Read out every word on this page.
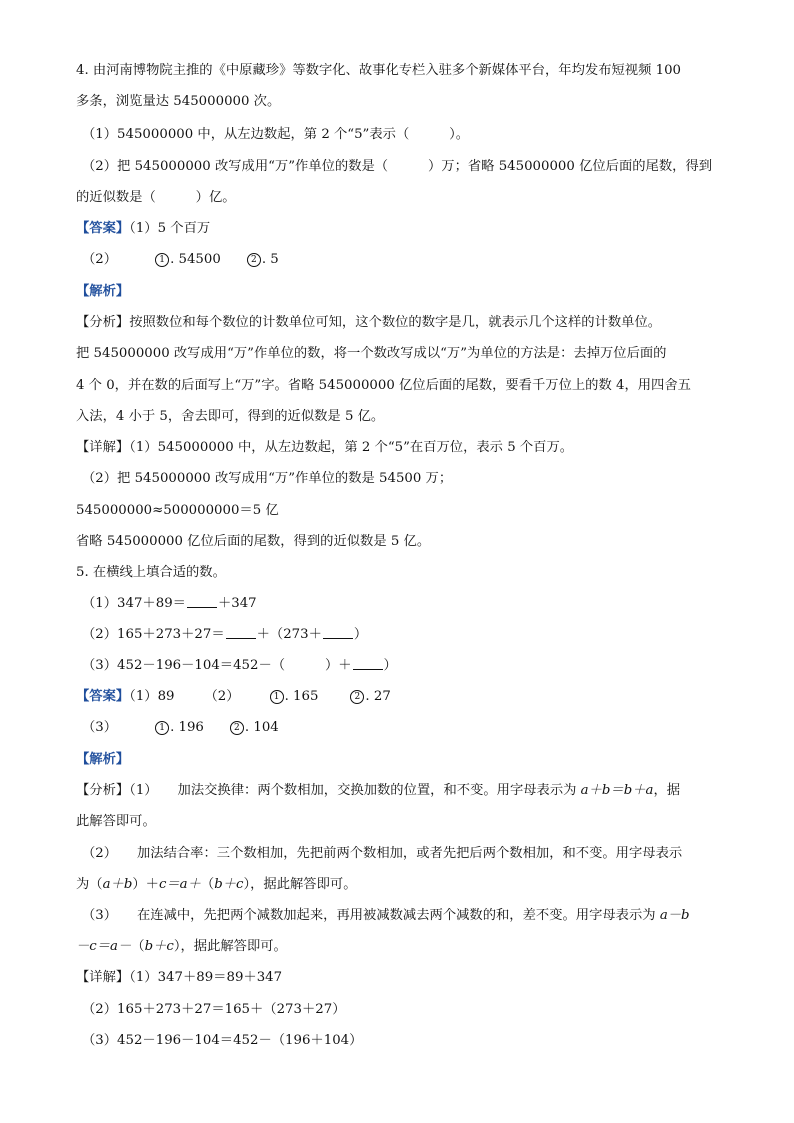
4. 由河南博物院主推的《中原藏珍》等数字化、故事化专栏入驻多个新媒体平台，年均发布短视频 100
多条，浏览量达 545000000 次。
（1）545000000 中，从左边数起，第 2 个“5”表示（　　　）。
（2）把 545000000 改写成用“万”作单位的数是（　　　）万；省略 545000000 亿位后面的尾数，得到
的近似数是（　　　）亿。
【答案】（1）5 个百万
（2）	1 . 54500	2 . 5
【解析】
【分析】按照数位和每个数位的计数单位可知，这个数位的数字是几，就表示几个这样的计数单位。
把 545000000 改写成用“万”作单位的数，将一个数改写成以“万”为单位的方法是：去掉万位后面的
4 个 0，并在数的后面写上“万”字。省略 545000000 亿位后面的尾数，要看千万位上的数 4，用四舍五
入法，4 小于 5，舍去即可，得到的近似数是 5 亿。
【详解】（1）545000000 中，从左边数起，第 2 个“5”在百万位，表示 5 个百万。
（2）把 545000000 改写成用“万”作单位的数是 54500 万；
545000000≈500000000＝5 亿
省略 545000000 亿位后面的尾数，得到的近似数是 5 亿。
5. 在横线上填合适的数。
（1）347＋89＝ ＋347
（2）165＋273＋27＝ ＋（273＋ ）
（3）452－196－104＝452－（　　　）＋ ）
【答案】（1）89 （2）	1 . 165	2 . 27
（3）	1 . 196	2 . 104
【解析】
【分析】（1）　　加法交换律：两个数相加，交换加数的位置，和不变。用字母表示为 a＋b＝b＋a，据
此解答即可。
（2）　　加法结合率：三个数相加，先把前两个数相加，或者先把后两个数相加，和不变。用字母表示
为（a＋b）＋c＝a＋（b＋c），据此解答即可。
（3）　　在连减中，先把两个减数加起来，再用被减数减去两个减数的和，差不变。用字母表示为 a－b
－c＝a－（b＋c），据此解答即可。
【详解】（1）347＋89＝89＋347
（2）165＋273＋27＝165＋（273＋27）
（3）452－196－104＝452－（196＋104）
